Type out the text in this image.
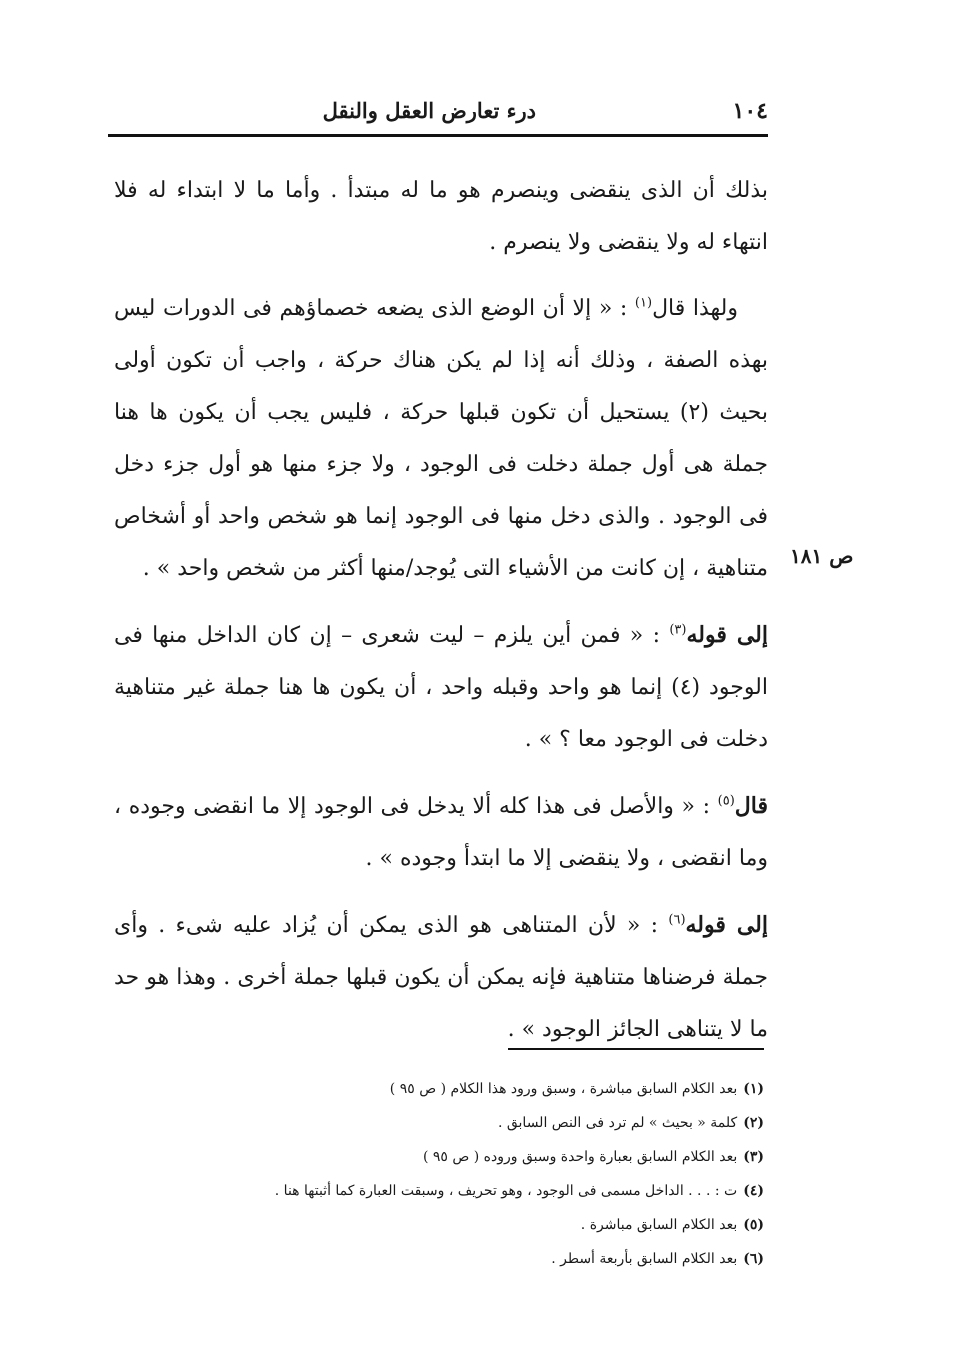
١٠٤
درء تعارض العقل والنقل

بذلك أن الذى ينقضى وينصرم هو ما له مبتدأ . وأما ما لا ابتداء له فلا انتهاء له ولا ينقضى ولا ينصرم .

ولهذا قال$^{(١)}$ : « إلا أن الوضع الذى يضعه خصماؤهم فى الدورات ليس بهذه الصفة ، وذلك أنه إذا لم يكن هناك حركة ، واجب أن تكون أولى بحيث (٢) يستحيل أن تكون قبلها حركة ، فليس يجب أن يكون ها هنا جملة هى أول جملة دخلت فى الوجود ، ولا جزء منها هو أول جزء دخل فى الوجود . والذى دخل منها فى الوجود إنما هو شخص واحد أو أشخاص متناهية ، إن كانت من الأشياء التى يُوجد/منها أكثر من شخص واحد » .

إلى قوله$^{(٣)}$ : « فمن أين يلزم – ليت شعرى – إن كان الداخل منها فى الوجود (٤) إنما هو واحد وقبله واحد ، أن يكون ها هنا جملة غير متناهية دخلت فى الوجود معا ؟ » .

قال$^{(٥)}$ : « والأصل فى هذا كله ألا يدخل فى الوجود إلا ما انقضى وجوده ، وما انقضى ، ولا ينقضى إلا ما ابتدأ وجوده » .

إلى قوله$^{(٦)}$ : « لأن المتناهى هو الذى يمكن أن يُزاد عليه شىء . وأى جملة فرضناها متناهية فإنه يمكن أن يكون قبلها جملة أخرى . وهذا هو حد ما لا يتناهى الجائز الوجود » .

ص ١٨١
(١)بعد الكلام السابق مباشرة ، وسبق ورود هذا الكلام ( ص ٩٥ )
(٢)كلمة « بحيث » لم ترد فى النص السابق .
(٣)بعد الكلام السابق بعبارة واحدة وسبق وروده ( ص ٩٥ )
(٤)ت : . . . الداخل مسمى فى الوجود ، وهو تحريف ، وسبقت العبارة كما أثبتها هنا .
(٥)بعد الكلام السابق مباشرة .
(٦)بعد الكلام السابق بأربعة أسطر .
